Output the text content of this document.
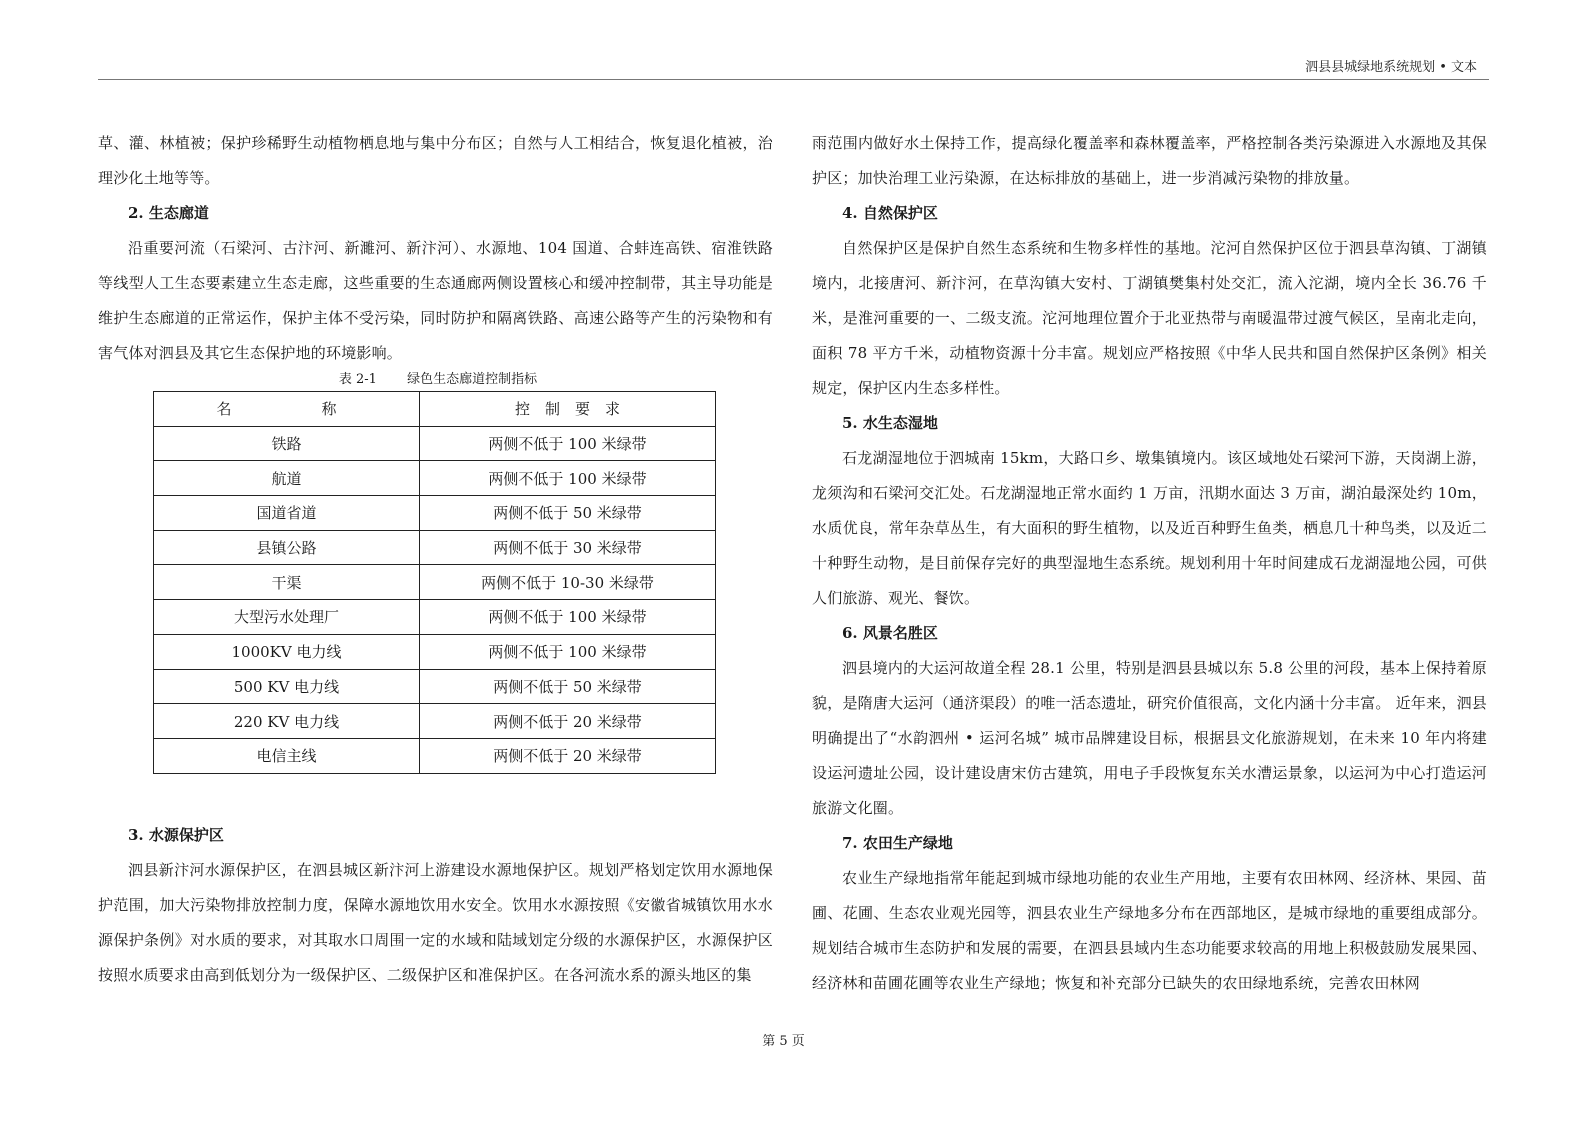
泗县县城绿地系统规划 • 文本

草、灌、林植被；保护珍稀野生动植物栖息地与集中分布区；自然与人工相结合，恢复退化植被，治理沙化土地等等。

2. 生态廊道

沿重要河流（石梁河、古汴河、新濉河、新汴河）、水源地、104 国道、合蚌连高铁、宿淮铁路等线型人工生态要素建立生态走廊，这些重要的生态通廊两侧设置核心和缓冲控制带，其主导功能是维护生态廊道的正常运作，保护主体不受污染，同时防护和隔离铁路、高速公路等产生的污染物和有害气体对泗县及其它生态保护地的环境影响。

表 2-1 绿色生态廊道控制指标
名　　称	控　制　要　求
铁路	两侧不低于 100 米绿带
航道	两侧不低于 100 米绿带
国道省道	两侧不低于 50 米绿带
县镇公路	两侧不低于 30 米绿带
干渠	两侧不低于 10-30 米绿带
大型污水处理厂	两侧不低于 100 米绿带
1000KV 电力线	两侧不低于 100 米绿带
500 KV 电力线	两侧不低于 50 米绿带
220 KV 电力线	两侧不低于 20 米绿带
电信主线	两侧不低于 20 米绿带
3. 水源保护区

泗县新汴河水源保护区，在泗县城区新汴河上游建设水源地保护区。规划严格划定饮用水源地保护范围，加大污染物排放控制力度，保障水源地饮用水安全。饮用水水源按照《安徽省城镇饮用水水源保护条例》对水质的要求，对其取水口周围一定的水域和陆域划定分级的水源保护区，水源保护区按照水质要求由高到低划分为一级保护区、二级保护区和准保护区。在各河流水系的源头地区的集

雨范围内做好水土保持工作，提高绿化覆盖率和森林覆盖率，严格控制各类污染源进入水源地及其保护区；加快治理工业污染源，在达标排放的基础上，进一步消减污染物的排放量。

4. 自然保护区

自然保护区是保护自然生态系统和生物多样性的基地。沱河自然保护区位于泗县草沟镇、丁湖镇境内，北接唐河、新汴河，在草沟镇大安村、丁湖镇樊集村处交汇，流入沱湖，境内全长 36.76 千米，是淮河重要的一、二级支流。沱河地理位置介于北亚热带与南暖温带过渡气候区，呈南北走向，面积 78 平方千米，动植物资源十分丰富。规划应严格按照《中华人民共和国自然保护区条例》相关规定，保护区内生态多样性。

5. 水生态湿地

石龙湖湿地位于泗城南 15km，大路口乡、墩集镇境内。该区域地处石梁河下游，天岗湖上游，龙须沟和石梁河交汇处。石龙湖湿地正常水面约 1 万亩，汛期水面达 3 万亩，湖泊最深处约 10m，水质优良，常年杂草丛生，有大面积的野生植物，以及近百种野生鱼类，栖息几十种鸟类，以及近二十种野生动物，是目前保存完好的典型湿地生态系统。规划利用十年时间建成石龙湖湿地公园，可供人们旅游、观光、餐饮。

6. 风景名胜区

泗县境内的大运河故道全程 28.1 公里，特别是泗县县城以东 5.8 公里的河段，基本上保持着原貌，是隋唐大运河（通济渠段）的唯一活态遗址，研究价值很高，文化内涵十分丰富。 近年来，泗县明确提出了“水韵泗州 • 运河名城” 城市品牌建设目标，根据县文化旅游规划，在未来 10 年内将建设运河遗址公园，设计建设唐宋仿古建筑，用电子手段恢复东关水漕运景象，以运河为中心打造运河旅游文化圈。

7. 农田生产绿地

农业生产绿地指常年能起到城市绿地功能的农业生产用地，主要有农田林网、经济林、果园、苗圃、花圃、生态农业观光园等，泗县农业生产绿地多分布在西部地区，是城市绿地的重要组成部分。规划结合城市生态防护和发展的需要，在泗县县域内生态功能要求较高的用地上积极鼓励发展果园、经济林和苗圃花圃等农业生产绿地；恢复和补充部分已缺失的农田绿地系统，完善农田林网

第 5 页
